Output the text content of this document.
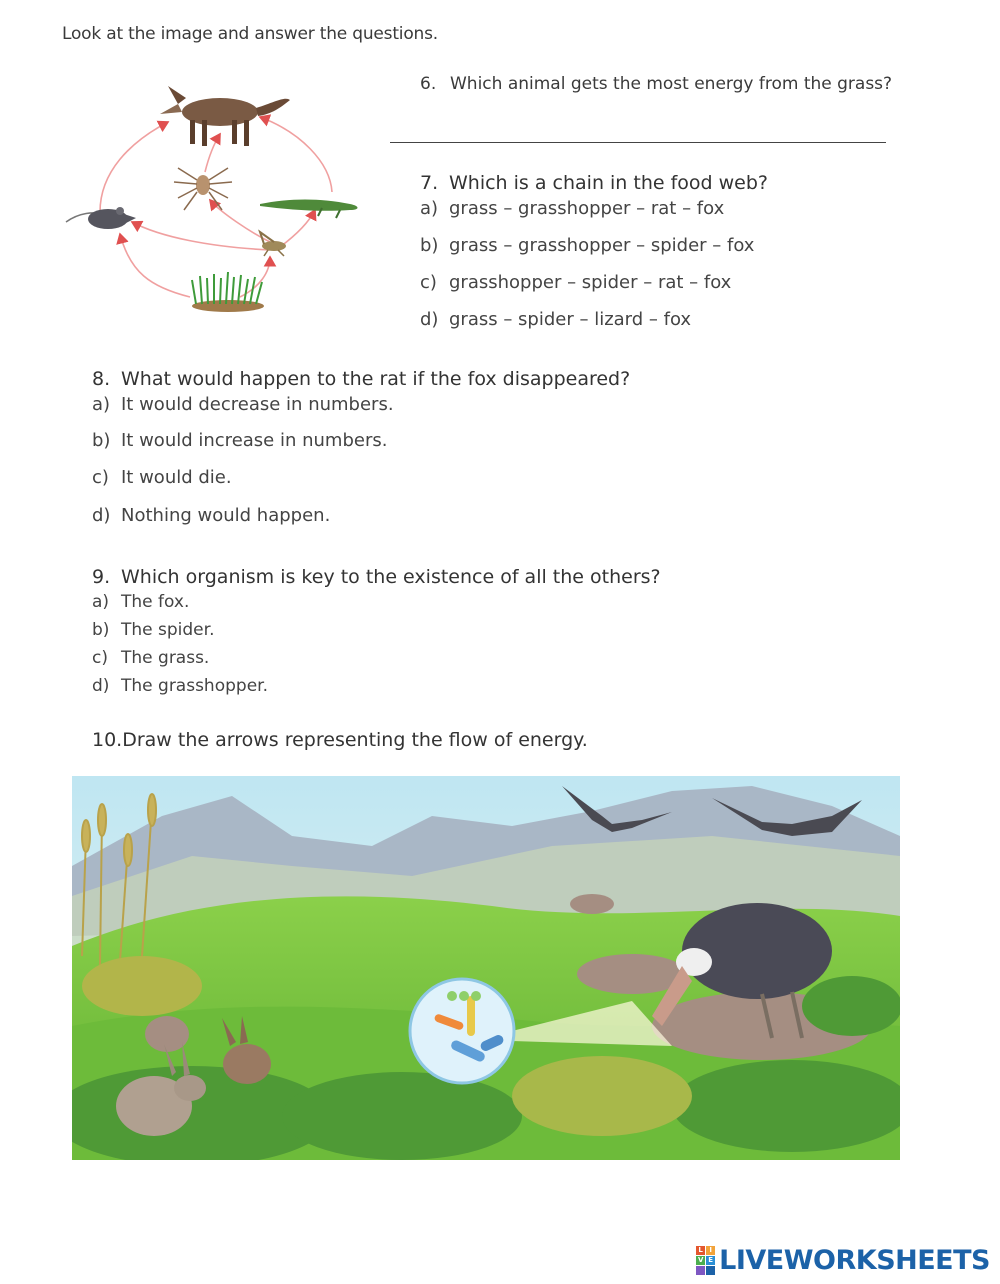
Look at the image and answer the questions.
6. Which animal gets the most energy from the grass?
7. Which is a chain in the food web?
a) grass – grasshopper – rat – fox
b) grass – grasshopper – spider – fox
c) grasshopper – spider – rat – fox
d) grass – spider – lizard – fox
8. What would happen to the rat if the fox disappeared?
a) It would decrease in numbers.
b) It would increase in numbers.
c) It would die.
d) Nothing would happen.
9. Which organism is key to the existence of all the others?
a) The fox.
b) The spider.
c) The grass.
d) The grasshopper.
10.Draw the arrows representing the flow of energy.
L I
V E LIVEWORKSHEETS
